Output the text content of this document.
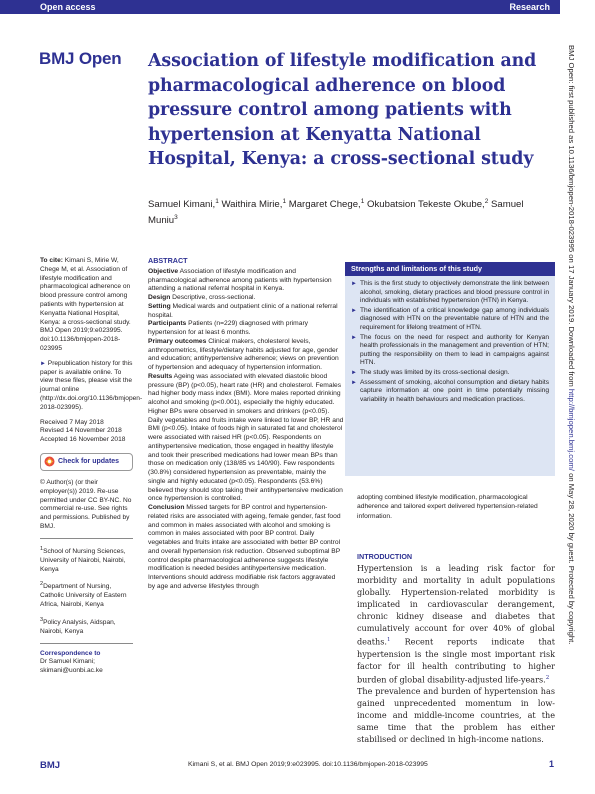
Open access	Research
BMJ Open Association of lifestyle modification and pharmacological adherence on blood pressure control among patients with hypertension at Kenyatta National Hospital, Kenya: a cross-sectional study
Samuel Kimani,$^1$ Waithira Mirie,$^1$ Margaret Chege,$^1$ Okubatsion Tekeste Okube,$^2$ Samuel Muniu$^3$
To cite: Kimani S, Mirie W, Chege M, et al. Association of lifestyle modification and pharmacological adherence on blood pressure control among patients with hypertension at Kenyatta National Hospital, Kenya: a cross-sectional study. BMJ Open 2019;9:e023995. doi:10.1136/bmjopen-2018-023995
► Prepublication history for this paper is available online. To view these files, please visit the journal online (http://dx.doi.org/10.1136/bmjopen-2018-023995).
Received 7 May 2018
Revised 14 November 2018
Accepted 16 November 2018
Check for updates
© Author(s) (or their employer(s)) 2019. Re-use permitted under CC BY-NC. No commercial re-use. See rights and permissions. Published by BMJ.
$^1$School of Nursing Sciences, University of Nairobi, Nairobi, Kenya
$^2$Department of Nursing, Catholic University of Eastern Africa, Nairobi, Kenya
$^3$Policy Analysis, Aidspan, Nairobi, Kenya
Correspondence to
Dr Samuel Kimani;
skimani@uonbi.ac.ke
ABSTRACT
Objective Association of lifestyle modification and pharmacological adherence among patients with hypertension attending a national referral hospital in Kenya.
Design Descriptive, cross-sectional.
Setting Medical wards and outpatient clinic of a national referral hospital.
Participants Patients (n=229) diagnosed with primary hypertension for at least 6 months.
Primary outcomes Clinical makers, cholesterol levels, anthropometrics, lifestyle/dietary habits adjusted for age, gender and education; antihypertensive adherence; views on prevention of hypertension and adequacy of hypertension information.
Results Ageing was associated with elevated diastolic blood pressure (BP) (p<0.05), heart rate (HR) and cholesterol. Females had higher body mass index (BMI). More males reported drinking alcohol and smoking (p<0.001), especially the highly educated. Higher BPs were observed in smokers and drinkers (p<0.05). Daily vegetables and fruits intake were linked to lower BP, HR and BMI (p<0.05). Intake of foods high in saturated fat and cholesterol were associated with raised HR (p<0.05). Respondents on antihypertensive medication, those engaged in healthy lifestyle and took their prescribed medications had lower mean BPs than those on medication only (138/85 vs 140/90). Few respondents (30.8%) considered hypertension as preventable, mainly the single and highly educated (p<0.05). Respondents (53.6%) believed they should stop taking their antihypertensive medication once hypertension is controlled.
Conclusion Missed targets for BP control and hypertension-related risks are associated with ageing, female gender, fast food and common in males associated with alcohol and smoking is common in males associated with poor BP control. Daily vegetables and fruits intake are associated with better BP control and overall hypertension risk reduction. Observed suboptimal BP control despite pharmacological adherence suggests lifestyle modification is needed besides antihypertensive medication. Interventions should address modifiable risk factors aggravated by age and adverse lifestyles through
Strengths and limitations of this study
► This is the first study to objectively demonstrate the link between alcohol, smoking, dietary practices and blood pressure control in individuals with established hypertension (HTN) in Kenya.
► The identification of a critical knowledge gap among individuals diagnosed with HTN on the preventable nature of HTN and the requirement for lifelong treatment of HTN.
► The focus on the need for respect and authority for Kenyan health professionals in the management and prevention of HTN; putting the responsibility on them to lead in campaigns against HTN.
► The study was limited by its cross-sectional design.
► Assessment of smoking, alcohol consumption and dietary habits capture information at one point in time potentially missing variability in health behaviours and medication practices.
adopting combined lifestyle modification, pharmacological adherence and tailored expert delivered hypertension-related information.
INTRODUCTION

Hypertension is a leading risk factor for morbidity and mortality in adult populations globally. Hypertension-related morbidity is implicated in cardiovascular derangement, chronic kidney disease and diabetes that cumulatively account for over 40% of global deaths.$^1$ Recent reports indicate that hypertension is the single most important risk factor for ill health contributing to higher burden of global disability-adjusted life-years.$^2$

The prevalence and burden of hypertension has gained unprecedented momentum in low-income and middle-income countries, at the same time that the problem has either stabilised or declined in high-income nations.

BMJ Open: first published as 10.1136/bmjopen-2018-023995 on 17 January 2019. Downloaded from http://bmjopen.bmj.com/ on May 28, 2020 by guest. Protected by copyright.
BMJ	Kimani S, et al. BMJ Open 2019;9:e023995. doi:10.1136/bmjopen-2018-023995	1
